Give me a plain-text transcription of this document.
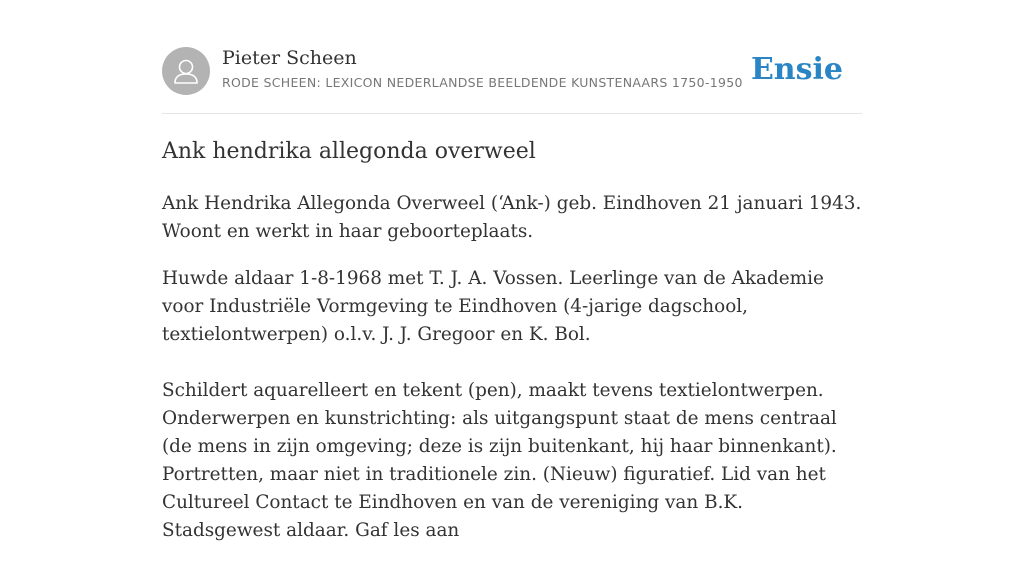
Pieter Scheen
RODE SCHEEN: LEXICON NEDERLANDSE BEELDENDE KUNSTENAARS 1750-1950 Ensie
Ank hendrika allegonda overweel

Ank Hendrika Allegonda Overweel (‘Ank-) geb. Eindhoven 21 januari 1943. Woont en werkt in haar geboorteplaats.

Huwde aldaar 1-8-1968 met T. J. A. Vossen. Leerlinge van de Akademie voor Industriële Vormgeving te Eindhoven (4-jarige dagschool, textielontwerpen) o.l.v. J. J. Gregoor en K. Bol.

Schildert aquarelleert en tekent (pen), maakt tevens textielontwerpen. Onderwerpen en kunstrichting: als uitgangspunt staat de mens centraal (de mens in zijn omgeving; deze is zijn buitenkant, hij haar binnenkant). Portretten, maar niet in traditionele zin. (Nieuw) figuratief. Lid van het Cultureel Contact te Eindhoven en van de vereniging van B.K. Stadsgewest aldaar. Gaf les aan
